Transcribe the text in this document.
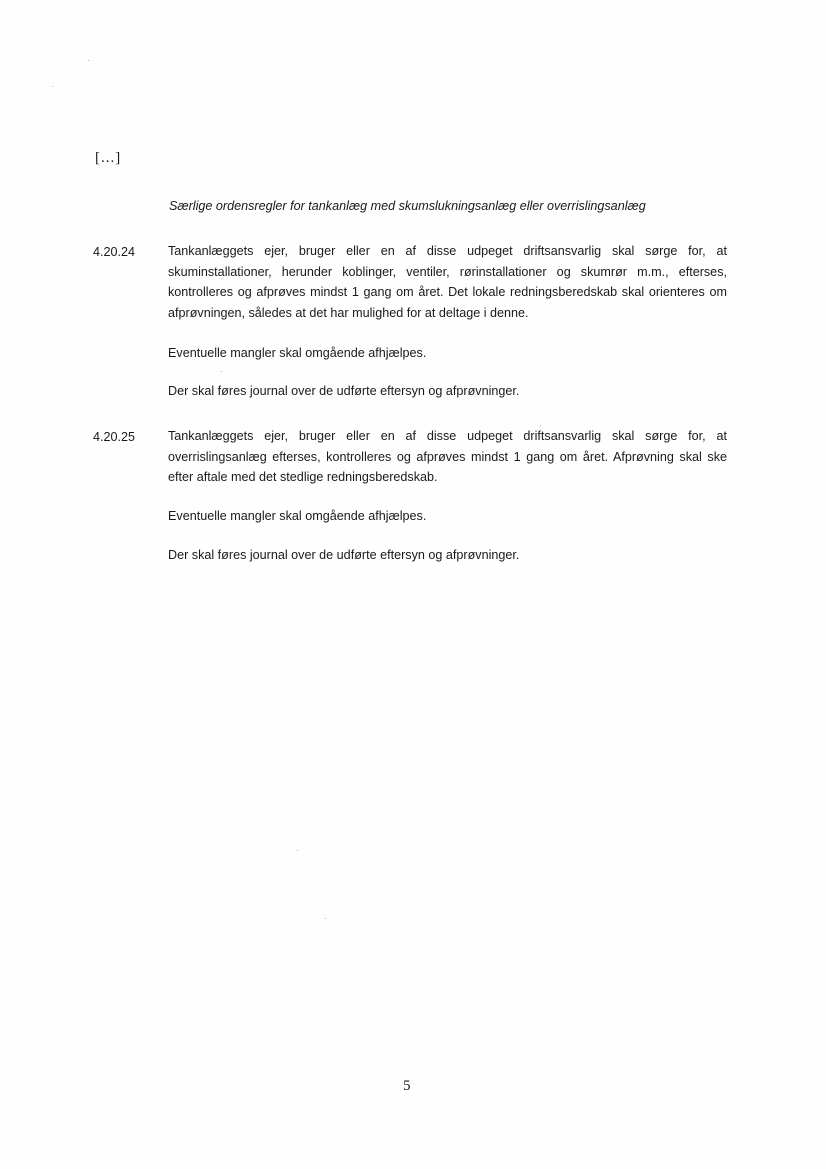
[...]
Særlige ordensregler for tankanlæg med skumslukningsanlæg eller overrislingsanlæg
4.20.24	Tankanlæggets ejer, bruger eller en af disse udpeget driftsansvarlig skal sørge for, at skuminstallationer, herunder koblinger, ventiler, rørinstallationer og skumrør m.m., efterses, kontrolleres og afprøves mindst 1 gang om året. Det lokale redningsberedskab skal orienteres om afprøvningen, således at det har mulighed for at deltage i denne.
Eventuelle mangler skal omgående afhjælpes.
Der skal føres journal over de udførte eftersyn og afprøvninger.
4.20.25	Tankanlæggets ejer, bruger eller en af disse udpeget driftsansvarlig skal sørge for, at overrislingsanlæg efterses, kontrolleres og afprøves mindst 1 gang om året. Afprøvning skal ske efter aftale med det stedlige redningsberedskab.
Eventuelle mangler skal omgående afhjælpes.
Der skal føres journal over de udførte eftersyn og afprøvninger.
5
